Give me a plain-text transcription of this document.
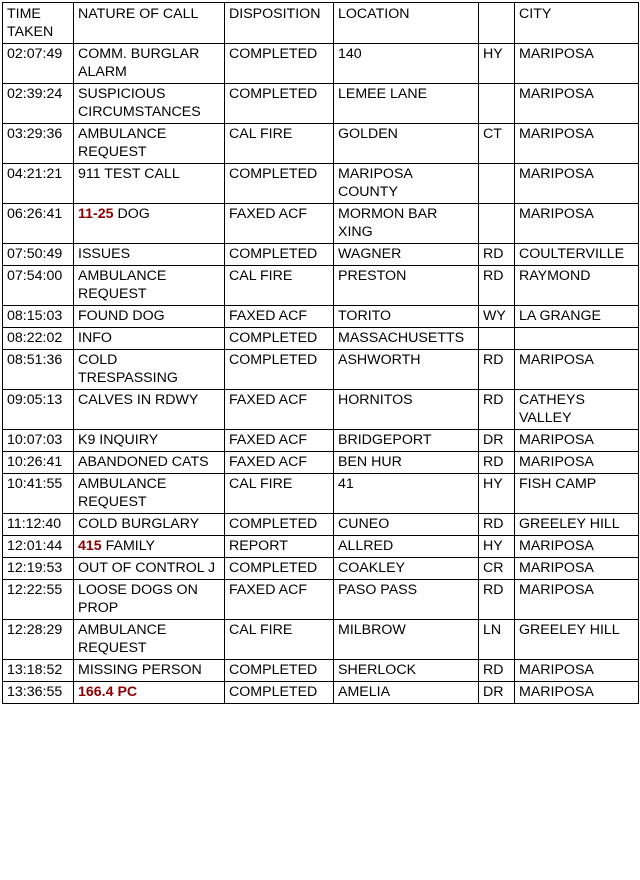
TIME TAKEN	NATURE OF CALL	DISPOSITION	LOCATION		CITY
02:07:49	COMM. BURGLAR ALARM	COMPLETED	140	HY	MARIPOSA
02:39:24	SUSPICIOUS CIRCUMSTANCES	COMPLETED	LEMEE LANE		MARIPOSA
03:29:36	AMBULANCE REQUEST	CAL FIRE	GOLDEN	CT	MARIPOSA
04:21:21	911 TEST CALL	COMPLETED	MARIPOSA COUNTY		MARIPOSA
06:26:41	11-25 DOG	FAXED ACF	MORMON BAR XING		MARIPOSA
07:50:49	ISSUES	COMPLETED	WAGNER	RD	COULTERVILLE
07:54:00	AMBULANCE REQUEST	CAL FIRE	PRESTON	RD	RAYMOND
08:15:03	FOUND DOG	FAXED ACF	TORITO	WY	LA GRANGE
08:22:02	INFO	COMPLETED	MASSACHUSETTS		
08:51:36	COLD TRESPASSING	COMPLETED	ASHWORTH	RD	MARIPOSA
09:05:13	CALVES IN RDWY	FAXED ACF	HORNITOS	RD	CATHEYS VALLEY
10:07:03	K9 INQUIRY	FAXED ACF	BRIDGEPORT	DR	MARIPOSA
10:26:41	ABANDONED CATS	FAXED ACF	BEN HUR	RD	MARIPOSA
10:41:55	AMBULANCE REQUEST	CAL FIRE	41	HY	FISH CAMP
11:12:40	COLD BURGLARY	COMPLETED	CUNEO	RD	GREELEY HILL
12:01:44	415 FAMILY	REPORT	ALLRED	HY	MARIPOSA
12:19:53	OUT OF CONTROL J	COMPLETED	COAKLEY	CR	MARIPOSA
12:22:55	LOOSE DOGS ON PROP	FAXED ACF	PASO PASS	RD	MARIPOSA
12:28:29	AMBULANCE REQUEST	CAL FIRE	MILBROW	LN	GREELEY HILL
13:18:52	MISSING PERSON	COMPLETED	SHERLOCK	RD	MARIPOSA
13:36:55	166.4 PC	COMPLETED	AMELIA	DR	MARIPOSA
